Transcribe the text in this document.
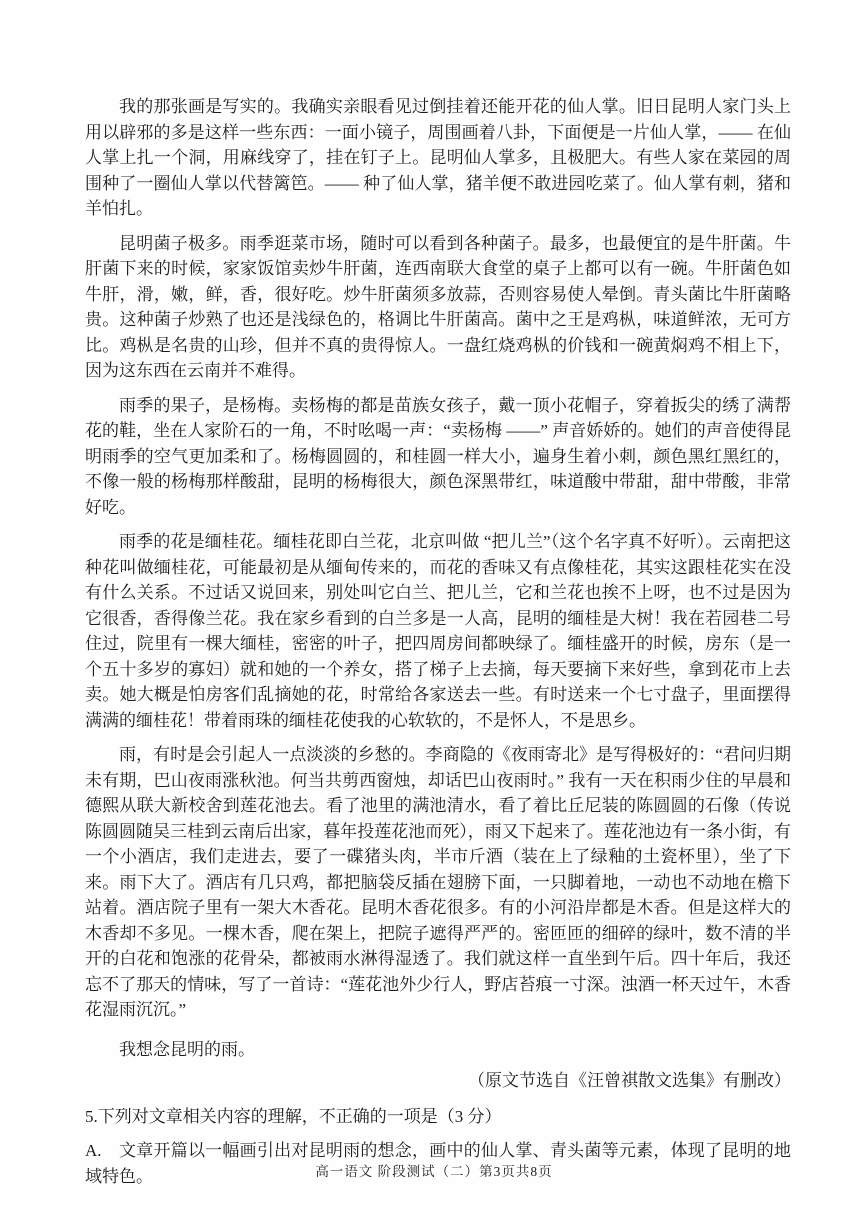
我的那张画是写实的。我确实亲眼看见过倒挂着还能开花的仙人掌。旧日昆明人家门头上用以辟邪的多是这样一些东西：一面小镜子，周围画着八卦，下面便是一片仙人掌，—— 在仙人掌上扎一个洞，用麻线穿了，挂在钉子上。昆明仙人掌多，且极肥大。有些人家在菜园的周围种了一圈仙人掌以代替篱笆。—— 种了仙人掌，猪羊便不敢进园吃菜了。仙人掌有刺，猪和羊怕扎。

昆明菌子极多。雨季逛菜市场，随时可以看到各种菌子。最多，也最便宜的是牛肝菌。牛肝菌下来的时候，家家饭馆卖炒牛肝菌，连西南联大食堂的桌子上都可以有一碗。牛肝菌色如牛肝，滑，嫩，鲜，香，很好吃。炒牛肝菌须多放蒜，否则容易使人晕倒。青头菌比牛肝菌略贵。这种菌子炒熟了也还是浅绿色的，格调比牛肝菌高。菌中之王是鸡枞，味道鲜浓，无可方比。鸡枞是名贵的山珍，但并不真的贵得惊人。一盘红烧鸡枞的价钱和一碗黄焖鸡不相上下，因为这东西在云南并不难得。

雨季的果子，是杨梅。卖杨梅的都是苗族女孩子，戴一顶小花帽子，穿着扳尖的绣了满帮花的鞋，坐在人家阶石的一角，不时吆喝一声：“卖杨梅 ——” 声音娇娇的。她们的声音使得昆明雨季的空气更加柔和了。杨梅圆圆的，和桂圆一样大小，遍身生着小刺，颜色黑红黑红的，不像一般的杨梅那样酸甜，昆明的杨梅很大，颜色深黑带红，味道酸中带甜，甜中带酸，非常好吃。

雨季的花是缅桂花。缅桂花即白兰花，北京叫做 “把儿兰”（这个名字真不好听）。云南把这种花叫做缅桂花，可能最初是从缅甸传来的，而花的香味又有点像桂花，其实这跟桂花实在没有什么关系。不过话又说回来，别处叫它白兰、把儿兰，它和兰花也挨不上呀，也不过是因为它很香，香得像兰花。我在家乡看到的白兰多是一人高，昆明的缅桂是大树！我在若园巷二号住过，院里有一棵大缅桂，密密的叶子，把四周房间都映绿了。缅桂盛开的时候，房东（是一个五十多岁的寡妇）就和她的一个养女，搭了梯子上去摘，每天要摘下来好些，拿到花市上去卖。她大概是怕房客们乱摘她的花，时常给各家送去一些。有时送来一个七寸盘子，里面摆得满满的缅桂花！带着雨珠的缅桂花使我的心软软的，不是怀人，不是思乡。

雨，有时是会引起人一点淡淡的乡愁的。李商隐的《夜雨寄北》是写得极好的：“君问归期未有期，巴山夜雨涨秋池。何当共剪西窗烛，却话巴山夜雨时。” 我有一天在积雨少住的早晨和德熙从联大新校舍到莲花池去。看了池里的满池清水，看了着比丘尼装的陈圆圆的石像（传说陈圆圆随吴三桂到云南后出家，暮年投莲花池而死），雨又下起来了。莲花池边有一条小街，有一个小酒店，我们走进去，要了一碟猪头肉，半市斤酒（装在上了绿釉的土瓷杯里），坐了下来。雨下大了。酒店有几只鸡，都把脑袋反插在翅膀下面，一只脚着地，一动也不动地在檐下站着。酒店院子里有一架大木香花。昆明木香花很多。有的小河沿岸都是木香。但是这样大的木香却不多见。一棵木香，爬在架上，把院子遮得严严的。密匝匝的细碎的绿叶，数不清的半开的白花和饱涨的花骨朵，都被雨水淋得湿透了。我们就这样一直坐到午后。四十年后，我还忘不了那天的情味，写了一首诗：“莲花池外少行人，野店苔痕一寸深。浊酒一杯天过午，木香花湿雨沉沉。”

我想念昆明的雨。

（原文节选自《汪曾祺散文选集》有删改）

5.下列对文章相关内容的理解，不正确的一项是（3 分）

A.　文章开篇以一幅画引出对昆明雨的想念，画中的仙人掌、青头菌等元素，体现了昆明的地域特色。	高一语文 阶段测试（二）第3页共8页
